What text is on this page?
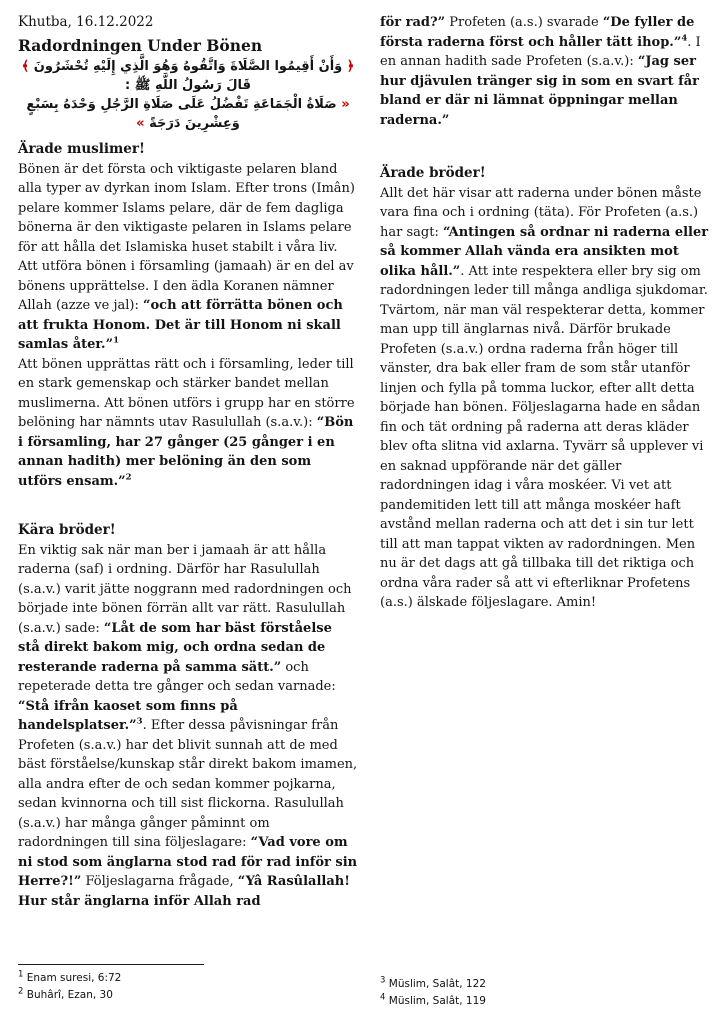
Khutba, 16.12.2022
Radordningen Under Bönen
﴿ وَأَنْ أَقِيمُوا الصَّلَاةَ وَاتَّقُوهُ وَهُوَ الَّذِي إِلَيْهِ تُحْشَرُونَ ﴾
قَالَ رَسُولُ اللَّهِ ﷺ :
« صَلَاةُ الْجَمَاعَةِ تَفْضُلُ عَلَى صَلَاةِ الرَّجُلِ وَحْدَهُ بِسَبْعٍ وَعِشْرِينَ دَرَجَةً »
Ärade muslimer!

Bönen är det första och viktigaste pelaren bland alla typer av dyrkan inom Islam. Efter trons (Imân) pelare kommer Islams pelare, där de fem dagliga bönerna är den viktigaste pelaren in Islams pelare för att hålla det Islamiska huset stabilt i våra liv. Att utföra bönen i församling (jamaah) är en del av bönens upprättelse. I den ädla Koranen nämner Allah (azze ve jal): “och att förrätta bönen och att frukta Honom. Det är till Honom ni skall samlas åter.”$^1$

Att bönen upprättas rätt och i församling, leder till en stark gemenskap och stärker bandet mellan muslimerna. Att bönen utförs i grupp har en större belöning har nämnts utav Rasulullah (s.a.v.): “Bön i församling, har 27 gånger (25 gånger i en annan hadith) mer belöning än den som utförs ensam.”$^2$

Kära bröder!

En viktig sak när man ber i jamaah är att hålla raderna (saf) i ordning. Därför har Rasulullah (s.a.v.) varit jätte noggrann med radordningen och började inte bönen förrän allt var rätt. Rasulullah (s.a.v.) sade: “Låt de som har bäst förståelse stå direkt bakom mig, och ordna sedan de resterande raderna på samma sätt.” och repeterade detta tre gånger och sedan varnade: “Stå ifrån kaoset som finns på handelsplatser.”$^3$. Efter dessa påvisningar från Profeten (s.a.v.) har det blivit sunnah att de med bäst förståelse/kunskap står direkt bakom imamen, alla andra efter de och sedan kommer pojkarna, sedan kvinnorna och till sist flickorna. Rasulullah (s.a.v.) har många gånger påminnt om radordningen till sina följeslagare: “Vad vore om ni stod som änglarna stod rad för rad inför sin Herre?!” Följeslagarna frågade, “Yâ Rasûlallah! Hur står änglarna inför Allah rad

för rad?” Profeten (a.s.) svarade “De fyller de första raderna först och håller tätt ihop.”$^4$. I en annan hadith sade Profeten (s.a.v.): “Jag ser hur djävulen tränger sig in som en svart får bland er där ni lämnat öppningar mellan raderna.”

Ärade bröder!

Allt det här visar att raderna under bönen måste vara fina och i ordning (täta). För Profeten (a.s.) har sagt: “Antingen så ordnar ni raderna eller så kommer Allah vända era ansikten mot olika håll.”. Att inte respektera eller bry sig om radordningen leder till många andliga sjukdomar. Tvärtom, när man väl respekterar detta, kommer man upp till änglarnas nivå. Därför brukade Profeten (s.a.v.) ordna raderna från höger till vänster, dra bak eller fram de som står utanför linjen och fylla på tomma luckor, efter allt detta började han bönen. Följeslagarna hade en sådan fin och tät ordning på raderna att deras kläder blev ofta slitna vid axlarna. Tyvärr så upplever vi en saknad uppförande när det gäller radordningen idag i våra moskéer. Vi vet att pandemitiden lett till att många moskéer haft avstånd mellan raderna och att det i sin tur lett till att man tappat vikten av radordningen. Men nu är det dags att gå tillbaka till det riktiga och ordna våra rader så att vi efterliknar Profetens (a.s.) älskade följeslagare. Amin!

$^1$ Enam suresi, 6:72
$^2$ Buhârî, Ezan, 30
$^3$ Müslim, Salât, 122
$^4$ Müslim, Salât, 119
